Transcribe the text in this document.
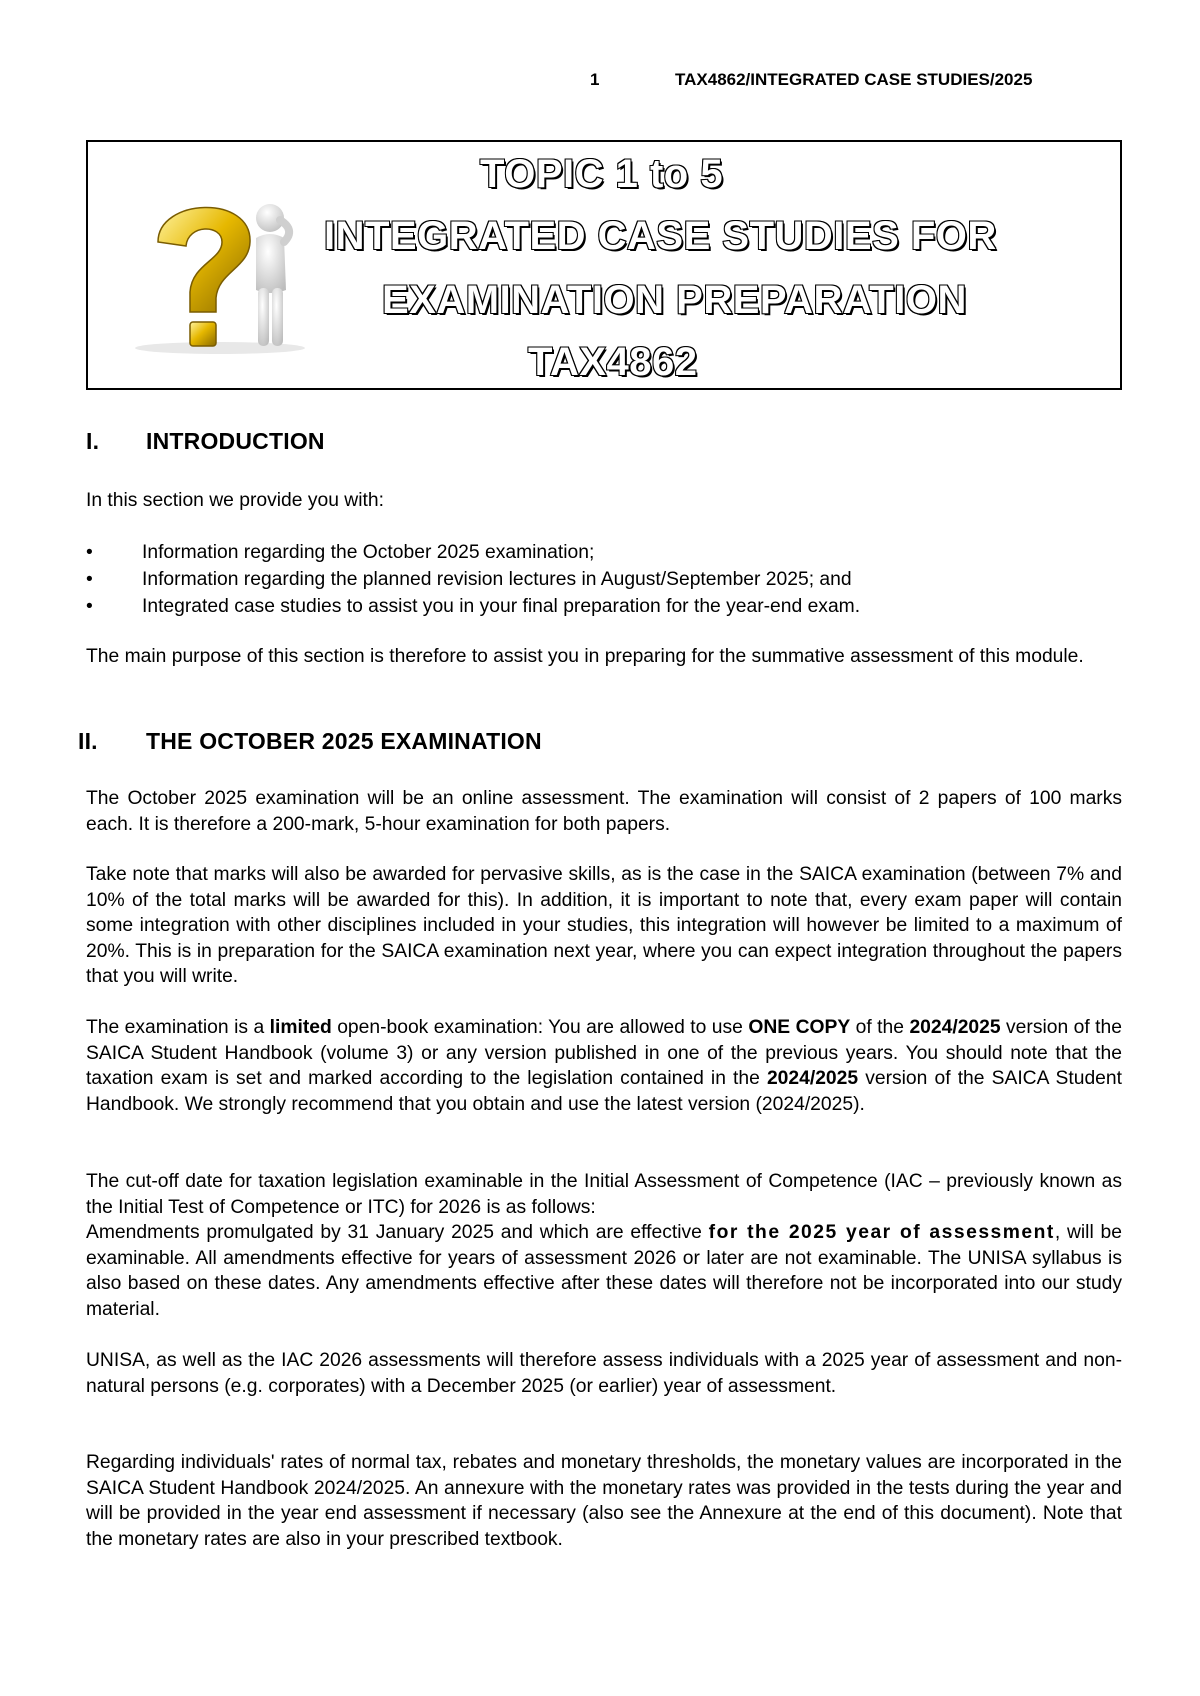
1	TAX4862/INTEGRATED CASE STUDIES/2025
TOPIC 1 to 5
INTEGRATED CASE STUDIES FOR
EXAMINATION PREPARATION
TAX4862
I. INTRODUCTION
In this section we provide you with:
•	Information regarding the October 2025 examination;
•	Information regarding the planned revision lectures in August/September 2025; and
•	Integrated case studies to assist you in your final preparation for the year-end exam.
The main purpose of this section is therefore to assist you in preparing for the summative assessment of this module.
II. THE OCTOBER 2025 EXAMINATION
The October 2025 examination will be an online assessment. The examination will consist of 2 papers of 100 marks each. It is therefore a 200-mark, 5-hour examination for both papers.
Take note that marks will also be awarded for pervasive skills, as is the case in the SAICA examination (between 7% and 10% of the total marks will be awarded for this). In addition, it is important to note that, every exam paper will contain some integration with other disciplines included in your studies, this integration will however be limited to a maximum of 20%. This is in preparation for the SAICA examination next year, where you can expect integration throughout the papers that you will write.
The examination is a limited open-book examination: You are allowed to use ONE COPY of the 2024/2025 version of the SAICA Student Handbook (volume 3) or any version published in one of the previous years. You should note that the taxation exam is set and marked according to the legislation contained in the 2024/2025 version of the SAICA Student Handbook. We strongly recommend that you obtain and use the latest version (2024/2025).
The cut-off date for taxation legislation examinable in the Initial Assessment of Competence (IAC – previously known as the Initial Test of Competence or ITC) for 2026 is as follows:
Amendments promulgated by 31 January 2025 and which are effective for the 2025 year of assessment, will be examinable. All amendments effective for years of assessment 2026 or later are not examinable. The UNISA syllabus is also based on these dates. Any amendments effective after these dates will therefore not be incorporated into our study material.
UNISA, as well as the IAC 2026 assessments will therefore assess individuals with a 2025 year of assessment and non-natural persons (e.g. corporates) with a December 2025 (or earlier) year of assessment.
Regarding individuals' rates of normal tax, rebates and monetary thresholds, the monetary values are incorporated in the SAICA Student Handbook 2024/2025. An annexure with the monetary rates was provided in the tests during the year and will be provided in the year end assessment if necessary (also see the Annexure at the end of this document). Note that the monetary rates are also in your prescribed textbook.
